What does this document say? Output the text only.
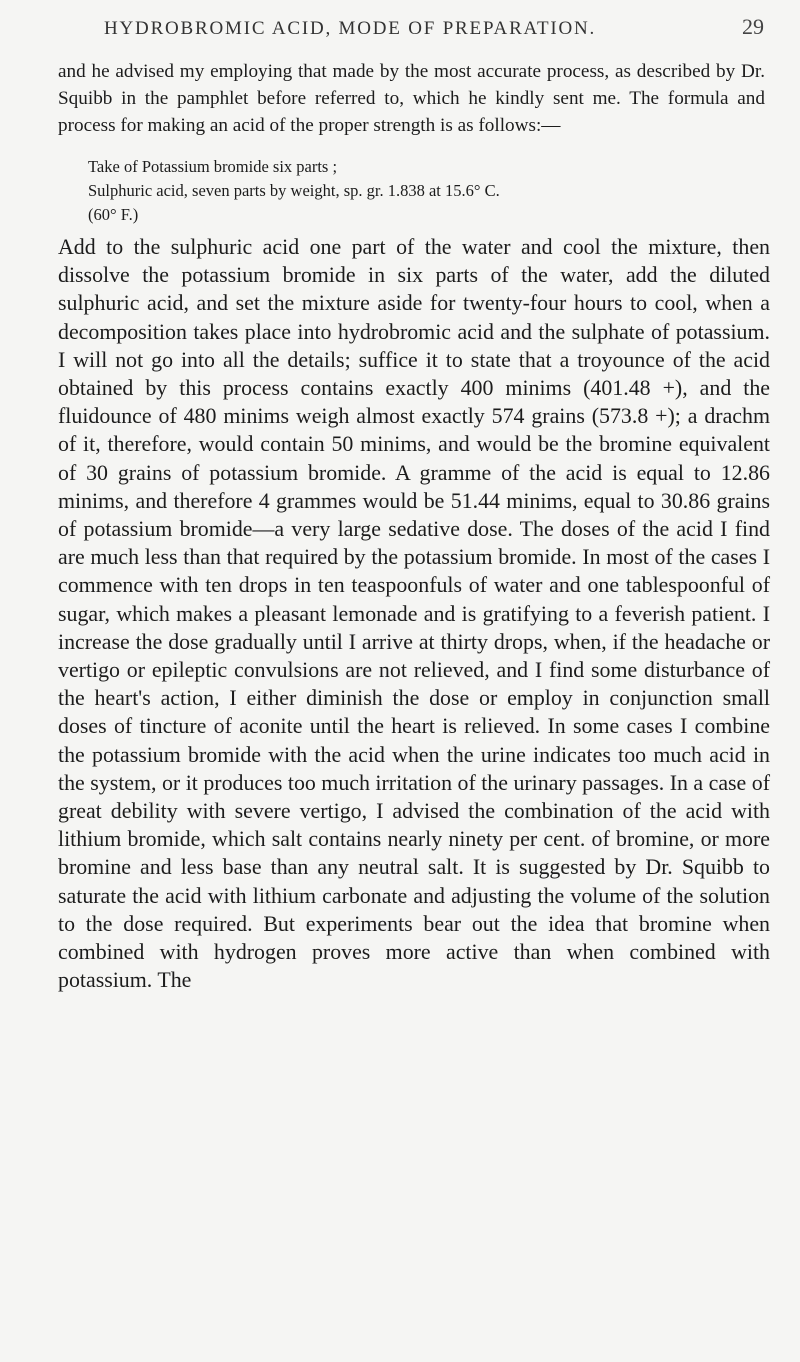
HYDROBROMIC ACID, MODE OF PREPARATION.	29

and he advised my employing that made by the most accurate process, as described by Dr. Squibb in the pamphlet before referred to, which he kindly sent me. The formula and process for making an acid of the proper strength is as follows:—

Take of Potassium bromide six parts ;
Sulphuric acid, seven parts by weight, sp. gr. 1.838 at 15.6° C.
(60° F.)

Add to the sulphuric acid one part of the water and cool the mixture, then dissolve the potassium bromide in six parts of the water, add the diluted sulphuric acid, and set the mixture aside for twenty-four hours to cool, when a decomposition takes place into hydrobromic acid and the sulphate of potassium. I will not go into all the details; suffice it to state that a troyounce of the acid obtained by this process contains exactly 400 minims (401.48 +), and the fluidounce of 480 minims weigh almost exactly 574 grains (573.8 +); a drachm of it, therefore, would contain 50 minims, and would be the bromine equivalent of 30 grains of potassium bromide. A gramme of the acid is equal to 12.86 minims, and therefore 4 grammes would be 51.44 minims, equal to 30.86 grains of potassium bromide—a very large sedative dose. The doses of the acid I find are much less than that required by the potassium bromide. In most of the cases I commence with ten drops in ten teaspoonfuls of water and one tablespoonful of sugar, which makes a pleasant lemonade and is gratifying to a feverish patient. I increase the dose gradually until I arrive at thirty drops, when, if the headache or vertigo or epileptic convulsions are not relieved, and I find some disturbance of the heart's action, I either diminish the dose or employ in conjunction small doses of tincture of aconite until the heart is relieved. In some cases I combine the potassium bromide with the acid when the urine indicates too much acid in the system, or it produces too much irritation of the urinary passages. In a case of great debility with severe vertigo, I advised the combination of the acid with lithium bromide, which salt contains nearly ninety per cent. of bromine, or more bromine and less base than any neutral salt. It is suggested by Dr. Squibb to saturate the acid with lithium carbonate and adjusting the volume of the solution to the dose required. But experiments bear out the idea that bromine when combined with hydrogen proves more active than when combined with potassium. The
